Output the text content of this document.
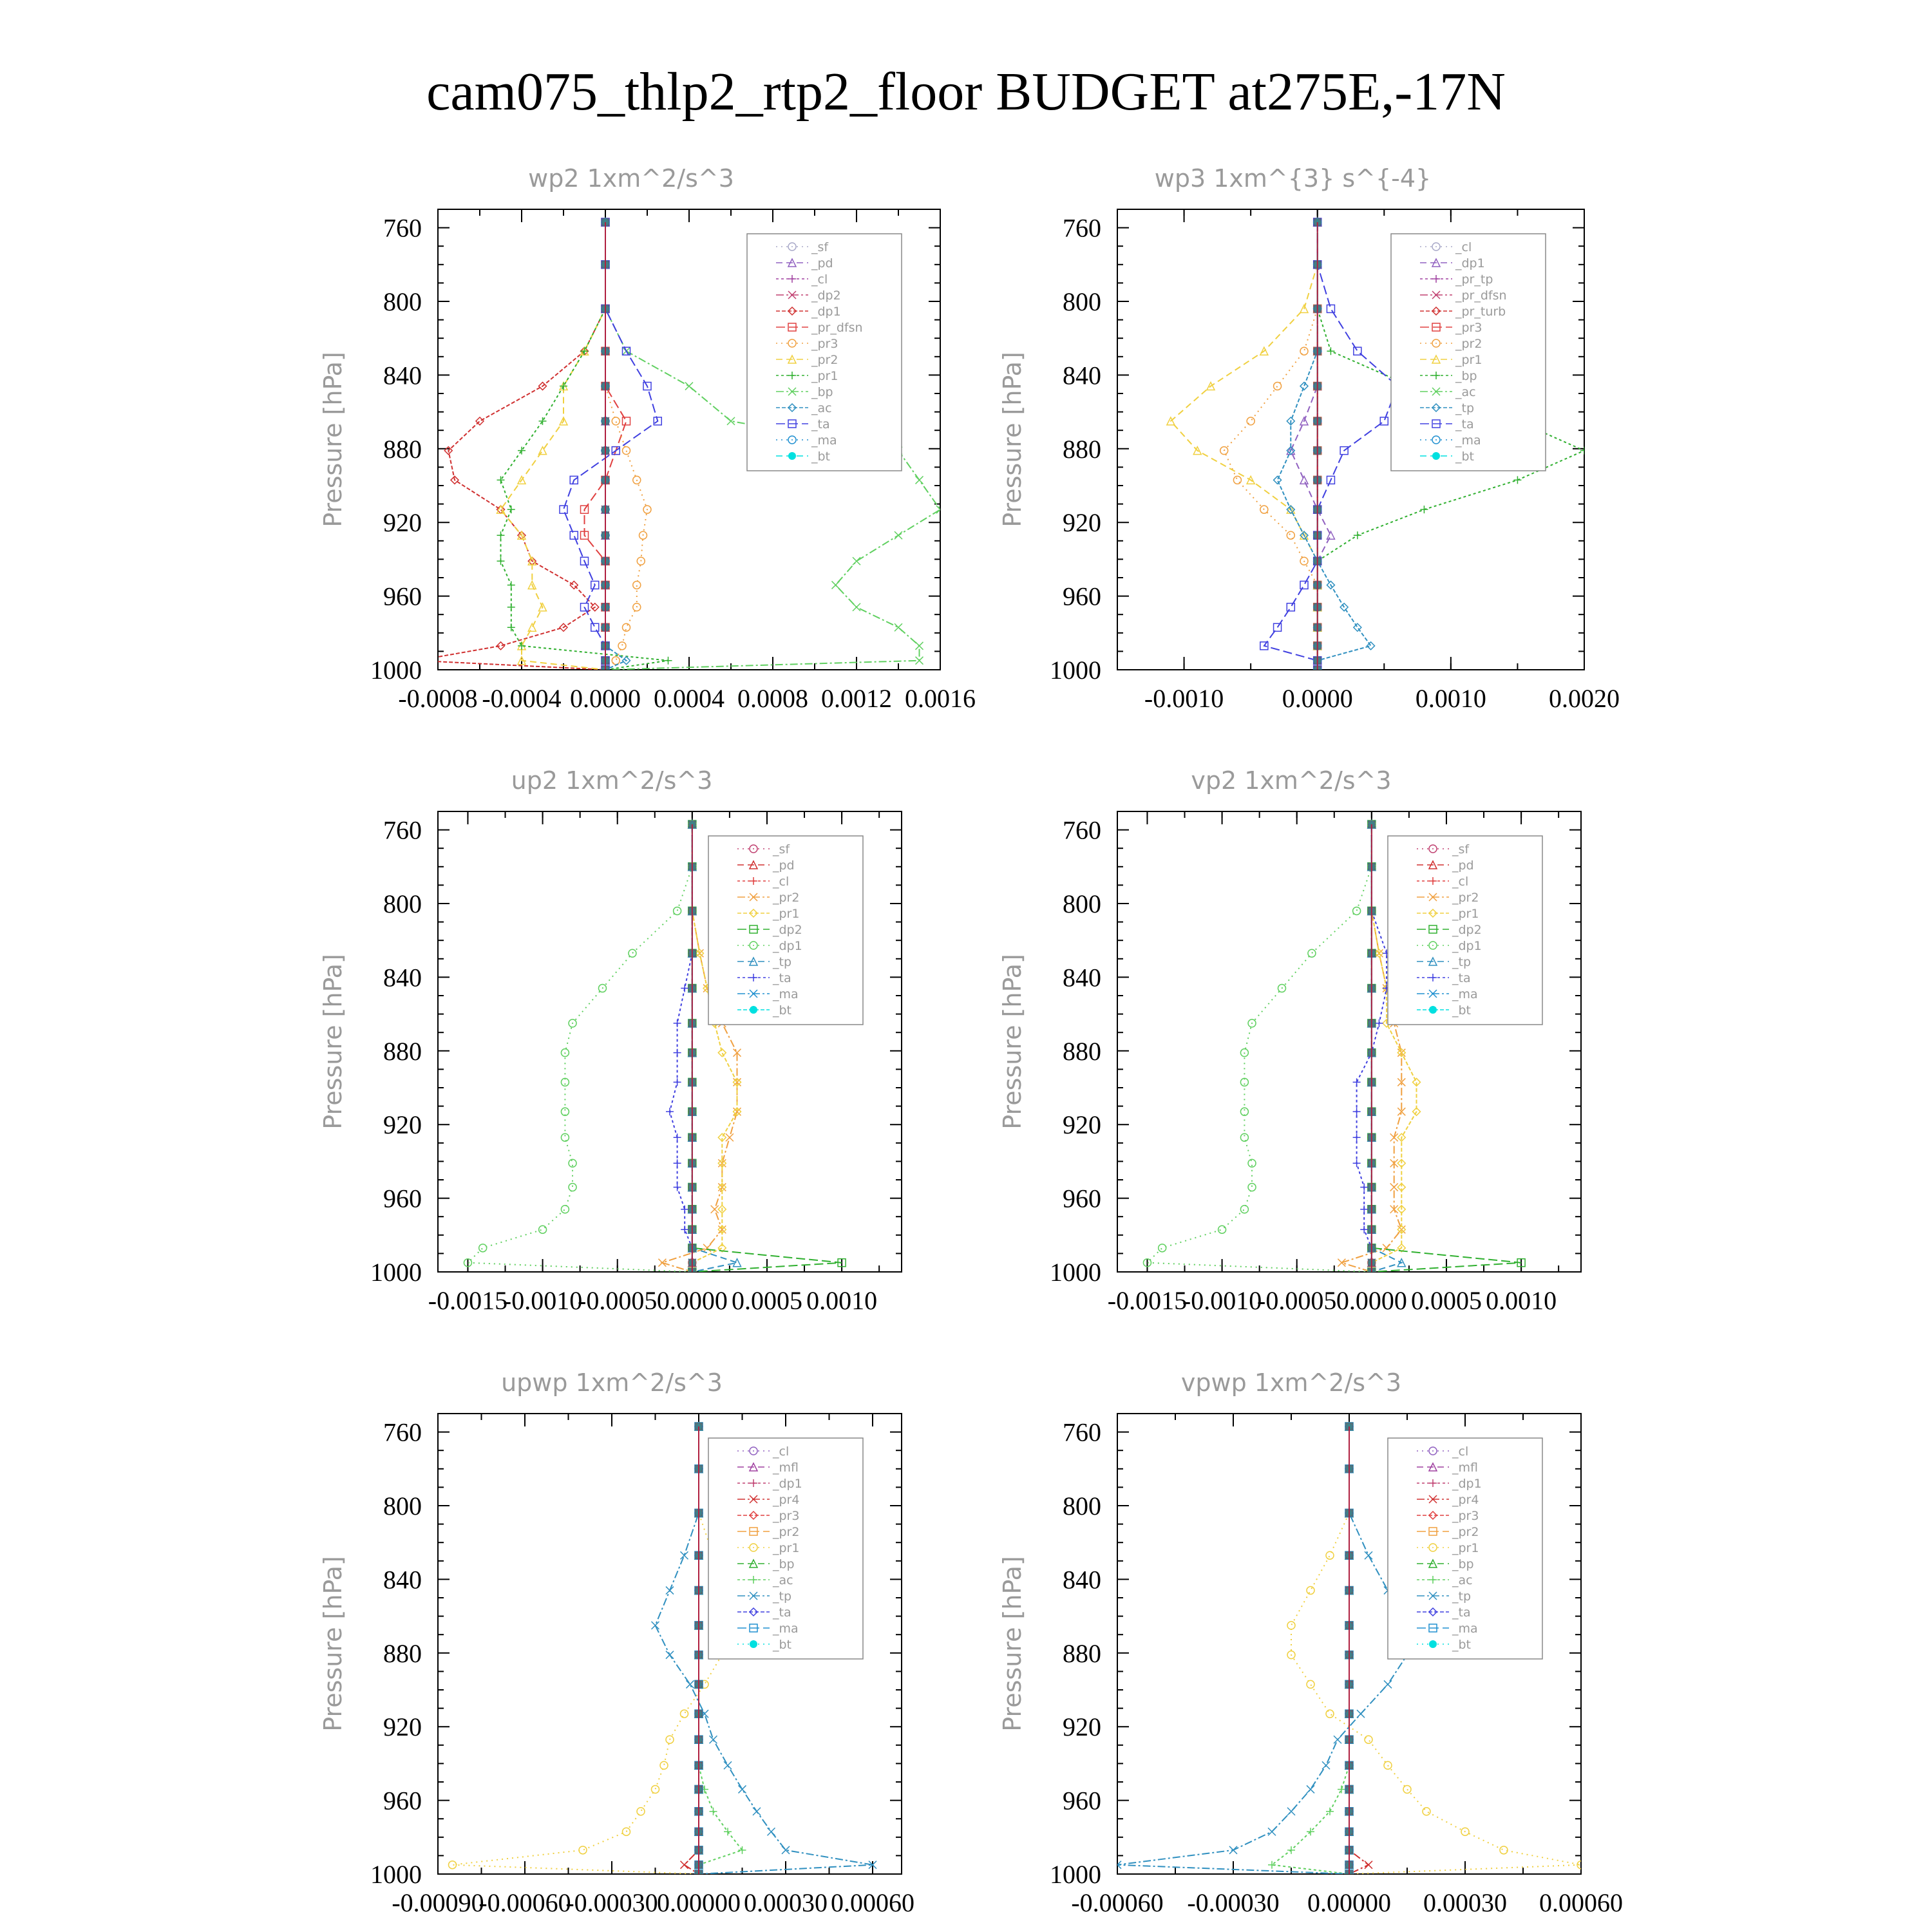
cam075_thlp2_rtp2_floor BUDGET at275E,-17N
wp2 1xm^2/s^3
Pressure [hPa]
760
800
840
880
920
960
1000
-0.0008 -0.0004 0.0000 0.0004 0.0008 0.0012 0.0016
_sf
_pd
_cl
_dp2
_dp1
_pr_dfsn
_pr3
_pr2
_pr1
_bp
_ac
_ta
_ma
_bt
wp3 1xm^{3} s^{-4}
Pressure [hPa]
760
800
840
880
920
960
1000
-0.0010 0.0000 0.0010 0.0020
_cl
_dp1
_pr_tp
_pr_dfsn
_pr_turb
_pr3
_pr2
_pr1
_bp
_ac
_tp
_ta
_ma
_bt
up2 1xm^2/s^3
Pressure [hPa]
760
800
840
880
920
960
1000
-0.0015
-0.0010
-0.0005 0.0000 0.0005 0.0010
_sf
_pd
_cl
_pr2
_pr1
_dp2
_dp1
_tp
_ta
_ma
_bt
vp2 1xm^2/s^3
Pressure [hPa]
760
800
840
880
920
960
1000
-0.0015
-0.0010
-0.0005 0.0000 0.0005 0.0010
_sf
_pd
_cl
_pr2
_pr1
_dp2
_dp1
_tp
_ta
_ma
_bt
upwp 1xm^2/s^3
Pressure [hPa]
760
800
840
880
920
960
1000
-0.00090
-0.00060
-0.00030
0.00000 0.00030 0.00060
_cl
_mfl
_dp1
_pr4
_pr3
_pr2
_pr1
_bp
_ac
_tp
_ta
_ma
_bt
vpwp 1xm^2/s^3
Pressure [hPa]
760
800
840
880
920
960
1000
-0.00060 -0.00030 0.00000 0.00030 0.00060
_cl
_mfl
_dp1
_pr4
_pr3
_pr2
_pr1
_bp
_ac
_tp
_ta
_ma
_bt
